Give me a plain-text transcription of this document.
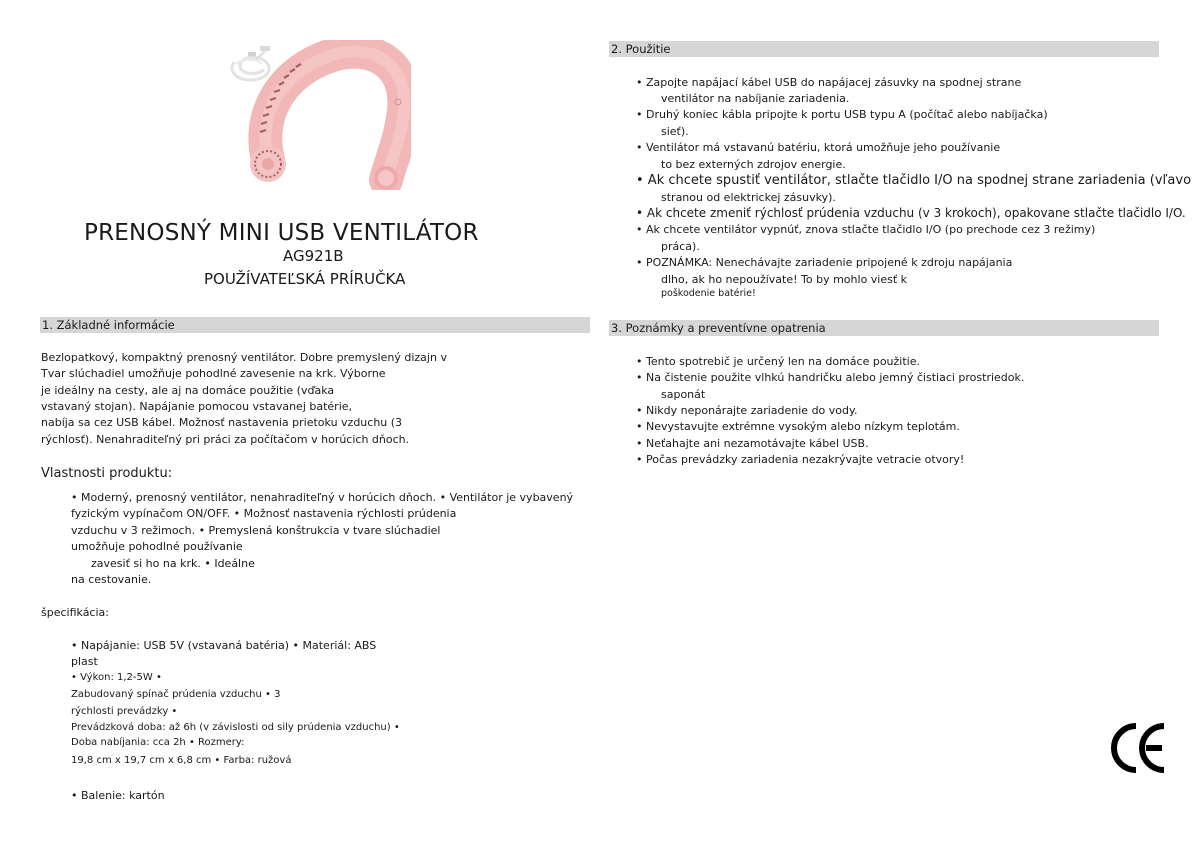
PRENOSNÝ MINI USB VENTILÁTOR
AG921B
POUŽÍVATEĽSKÁ PRÍRUČKA
1. Základné informácie
Bezlopatkový, kompaktný prenosný ventilátor. Dobre premyslený dizajn v
Tvar slúchadiel umožňuje pohodlné zavesenie na krk. Výborne
je ideálny na cesty, ale aj na domáce použitie (vďaka
vstavaný stojan). Napájanie pomocou vstavanej batérie,
nabíja sa cez USB kábel. Možnosť nastavenia prietoku vzduchu (3
rýchlosť). Nenahraditeľný pri práci za počítačom v horúcich dňoch.
Vlastnosti produktu:
• Moderný, prenosný ventilátor, nenahraditeľný v horúcich dňoch. • Ventilátor je vybavený
fyzickým vypínačom ON/OFF. • Možnosť nastavenia rýchlosti prúdenia
vzduchu v 3 režimoch. • Premyslená konštrukcia v tvare slúchadiel
umožňuje pohodlné používanie
zavesiť si ho na krk. • Ideálne
na cestovanie.
špecifikácia:
• Napájanie: USB 5V (vstavaná batéria) • Materiál: ABS
plast
• Výkon: 1,2-5W •
Zabudovaný spínač prúdenia vzduchu • 3
rýchlosti prevádzky •
Prevádzková doba: až 6h (v závislosti od sily prúdenia vzduchu) •
Doba nabíjania: cca 2h • Rozmery:
19,8 cm x 19,7 cm x 6,8 cm • Farba: ružová
• Balenie: kartón
2. Použitie
• Zapojte napájací kábel USB do napájacej zásuvky na spodnej strane
ventilátor na nabíjanie zariadenia.
• Druhý koniec kábla pripojte k portu USB typu A (počítač alebo nabíjačka)
sieť).
• Ventilátor má vstavanú batériu, ktorá umožňuje jeho používanie
to bez externých zdrojov energie.
• Ak chcete spustiť ventilátor, stlačte tlačidlo I/O na spodnej strane zariadenia (vľavo
stranou od elektrickej zásuvky).
• Ak chcete zmeniť rýchlosť prúdenia vzduchu (v 3 krokoch), opakovane stlačte tlačidlo I/O.
• Ak chcete ventilátor vypnúť, znova stlačte tlačidlo I/O (po prechode cez 3 režimy)
práca).
• POZNÁMKA: Nenechávajte zariadenie pripojené k zdroju napájania
dlho, ak ho nepoužívate! To by mohlo viesť k
poškodenie batérie!
3. Poznámky a preventívne opatrenia
• Tento spotrebič je určený len na domáce použitie.
• Na čistenie použite vlhkú handričku alebo jemný čistiaci prostriedok.
saponát
• Nikdy neponárajte zariadenie do vody.
• Nevystavujte extrémne vysokým alebo nízkym teplotám.
• Neťahajte ani nezamotávajte kábel USB.
• Počas prevádzky zariadenia nezakrývajte vetracie otvory!
